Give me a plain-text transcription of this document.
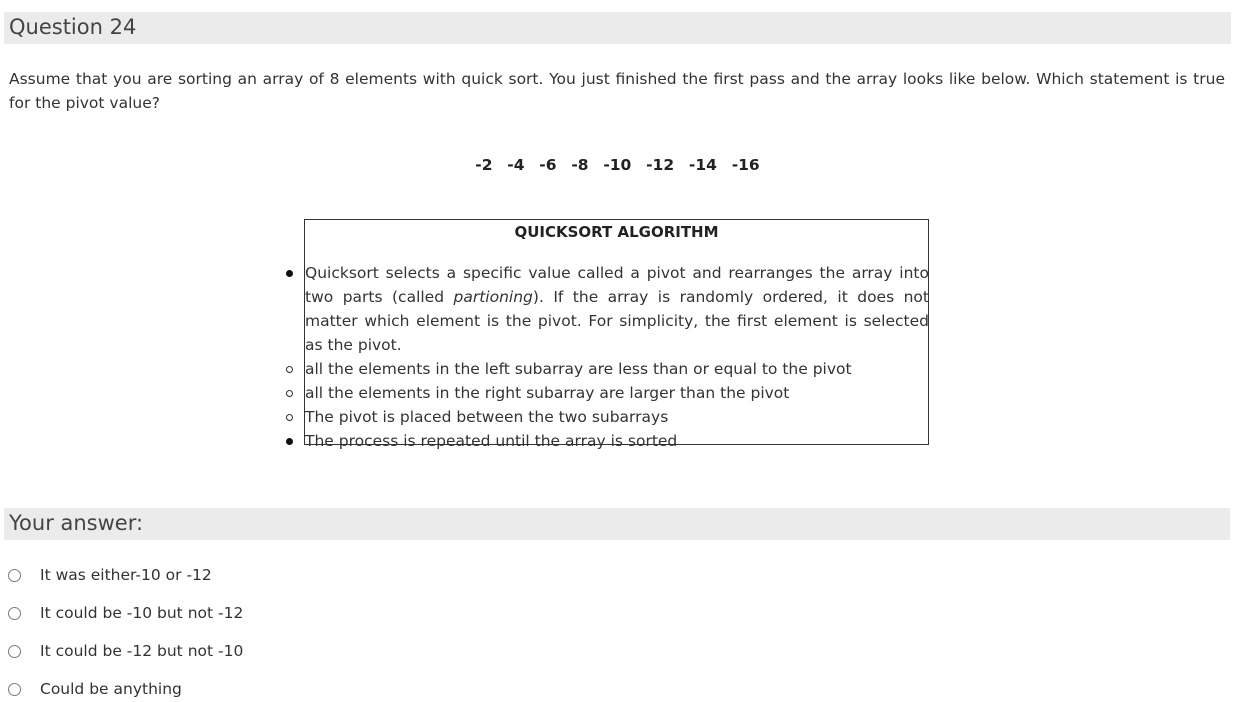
Question 24
Assume that you are sorting an array of 8 elements with quick sort. You just finished the first pass and the array looks like below. Which statement is true for the pivot value?
-2  -4  -6  -8  -10  -12  -14  -16
QUICKSORT ALGORITHM
Quicksort selects a specific value called a pivot and rearranges the array into two parts (called partioning). If the array is randomly ordered, it does not matter which element is the pivot. For simplicity, the first element is selected as the pivot.
all the elements in the left subarray are less than or equal to the pivot
all the elements in the right subarray are larger than the pivot
The pivot is placed between the two subarrays
The process is repeated until the array is sorted
Your answer:
It was either-10 or -12
It could be -10 but not -12
It could be -12 but not -10
Could be anything
